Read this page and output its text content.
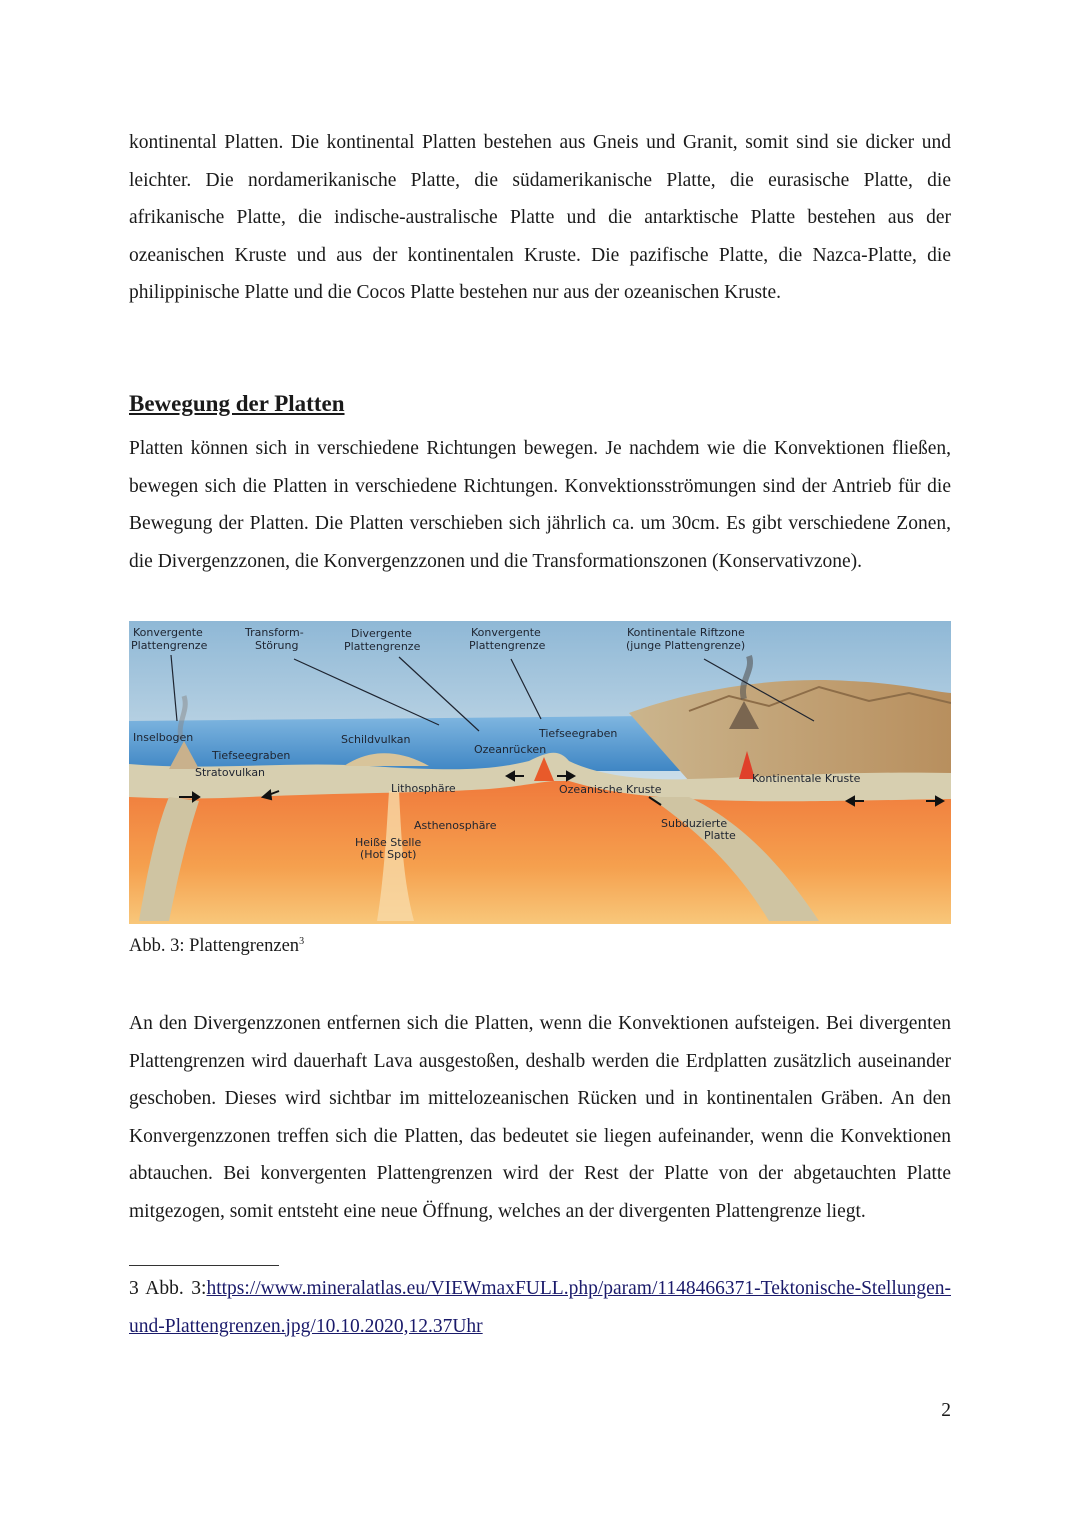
kontinental Platten. Die kontinental Platten bestehen aus Gneis und Granit, somit sind sie dicker und leichter. Die nordamerikanische Platte, die südamerikanische Platte, die eurasische Platte, die afrikanische Platte, die indische-australische Platte und die antarktische Platte bestehen aus der ozeanischen Kruste und aus der kontinentalen Kruste. Die pazifische Platte, die Nazca-Platte, die philippinische Platte und die Cocos Platte bestehen nur aus der ozeanischen Kruste.

Bewegung der Platten

Platten können sich in verschiedene Richtungen bewegen. Je nachdem wie die Konvektionen fließen, bewegen sich die Platten in verschiedene Richtungen. Konvektionsströmungen sind der Antrieb für die Bewegung der Platten. Die Platten verschieben sich jährlich ca. um 30cm. Es gibt verschiedene Zonen, die Divergenzzonen, die Konvergenzzonen und die Transformationszonen (Konservativzone).

Konvergente
Plattengrenze
Transform-
Störung
Divergente
Plattengrenze
Konvergente
Plattengrenze
Kontinentale Riftzone
(junge Plattengrenze)
Inselbogen
Tiefseegraben
Stratovulkan
Schildvulkan	Tiefseegraben
Ozeanrücken
Lithosphäre	Ozeanische Kruste
Kontinentale Kruste
Asthenosphäre	Subduzierte
Platte
Heiße Stelle
(Hot Spot)

Abb. 3: Plattengrenzen$^3$

An den Divergenzzonen entfernen sich die Platten, wenn die Konvektionen aufsteigen. Bei divergenten Plattengrenzen wird dauerhaft Lava ausgestoßen, deshalb werden die Erdplatten zusätzlich auseinander geschoben. Dieses wird sichtbar im mittelozeanischen Rücken und in kontinentalen Gräben. An den Konvergenzzonen treffen sich die Platten, das bedeutet sie liegen aufeinander, wenn die Konvektionen abtauchen. Bei konvergenten Plattengrenzen wird der Rest der Platte von der abgetauchten Platte mitgezogen, somit entsteht eine neue Öffnung, welches an der divergenten Plattengrenze liegt.

3 Abb. 3:https://www.mineralatlas.eu/VIEWmaxFULL.php/param/1148466371-Tektonische-Stellungen-und-Plattengrenzen.jpg/10.10.2020,12.37Uhr

2
